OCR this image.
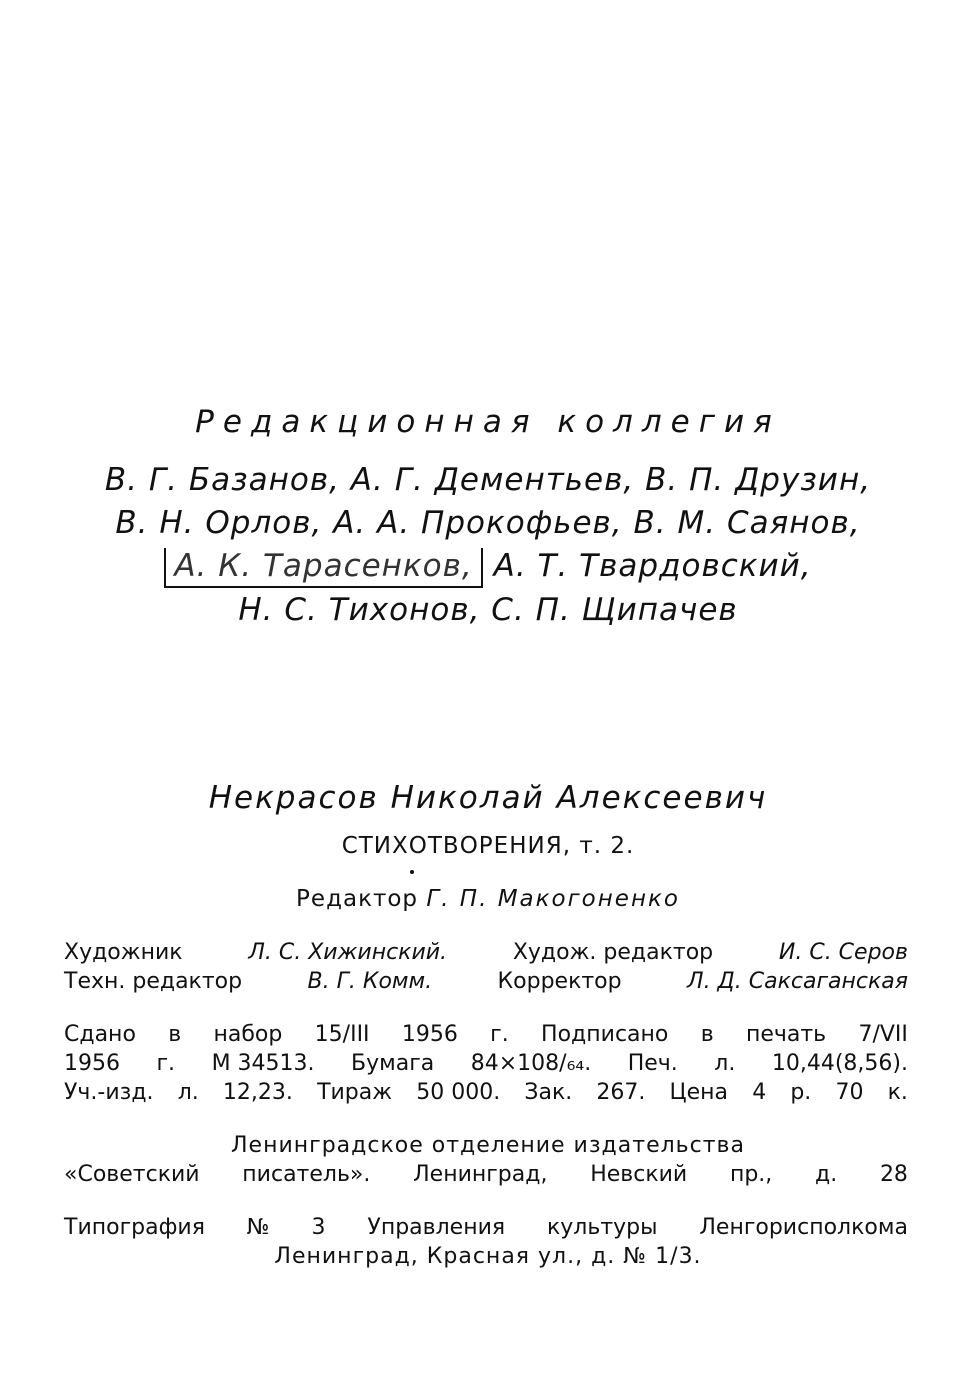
Редакционная коллегия

В. Г. Базанов, А. Г. Дементьев, В. П. Друзин,

В. Н. Орлов, А. А. Прокофьев, В. М. Саянов,

А. К. Тарасенков, А. Т. Твардовский,

Н. С. Тихонов, С. П. Щипачев

Некрасов Николай Алексеевич

СТИХОТВОРЕНИЯ, т. 2.

Редактор Г. П. Макогоненко

Художник	Л. С. Хижинский.	Худож. редактор	И. С. Серов
Техн. редактор	В. Г. Комм.	Корректор	Л. Д. Саксаганская
Сдано в набор 15/III 1956 г. Подписано в печать 7/VII
1956 г. М 34513. Бумага 84×108/₆₄. Печ. л. 10,44(8,56).
Уч.-изд. л. 12,23. Тираж 50 000. Зак. 267. Цена 4 р. 70 к.

Ленинградское отделение издательства

«Советский писатель». Ленинград, Невский пр., д. 28
Типография № 3 Управления культуры Ленгорисполкома

Ленинград, Красная ул., д. № 1/3.
